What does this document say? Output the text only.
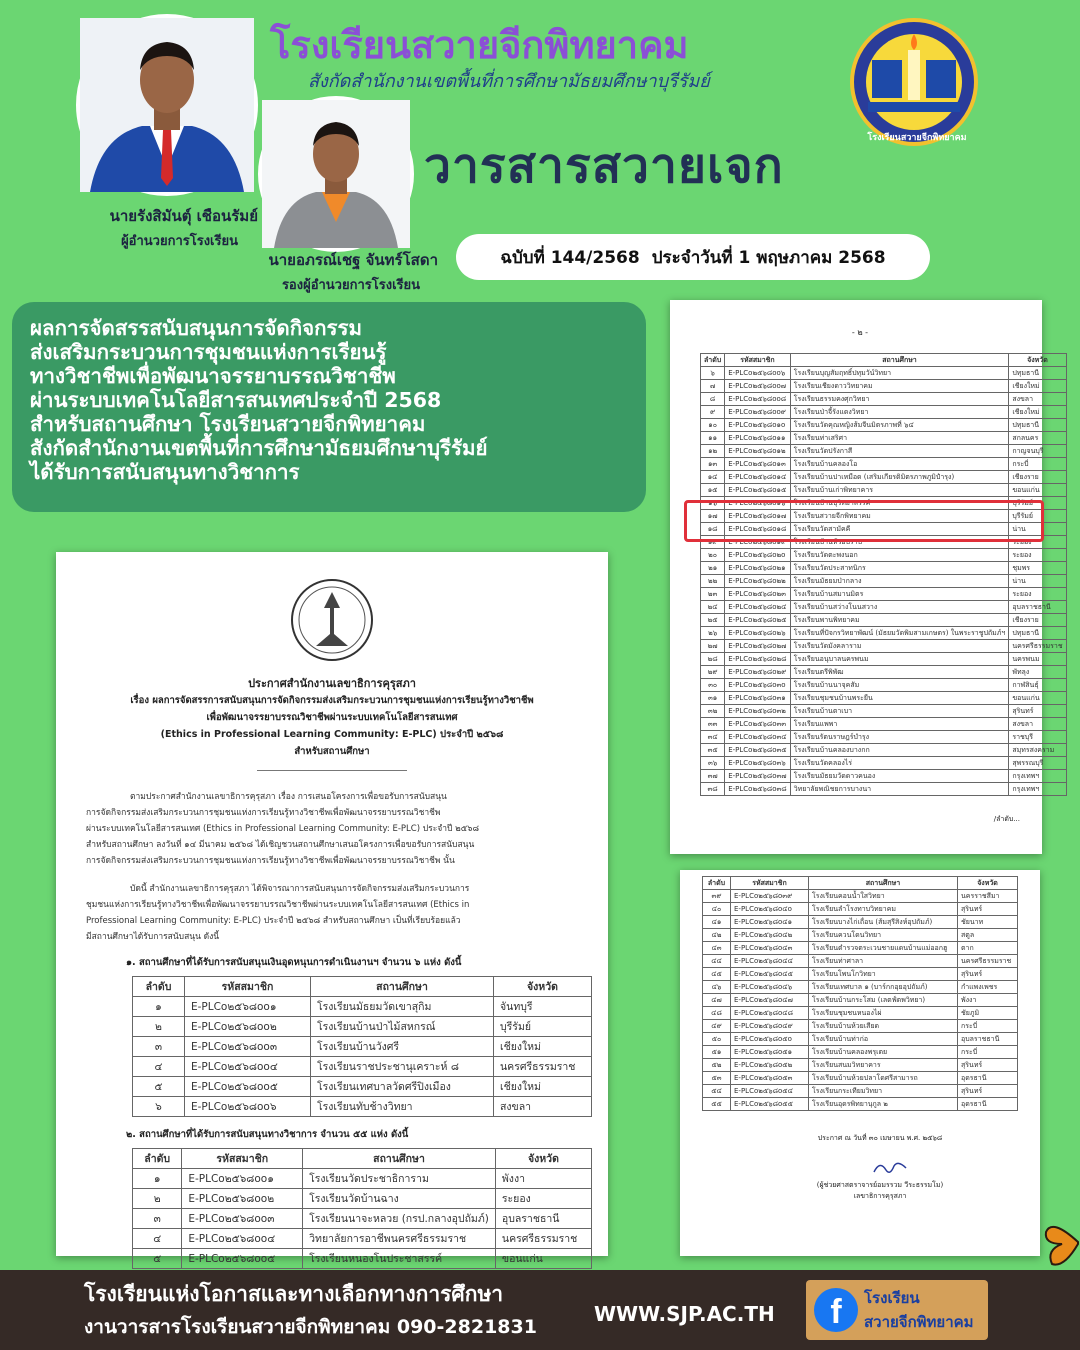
นายรังสิมันต์ุ เชือนรัมย์
ผู้อำนวยการโรงเรียน
นายอภรณ์เชฐ จันทร์โสดา
รองผู้อำนวยการโรงเรียน
โรงเรียนสวายจีกพิทยาคม
สังกัดสำนักงานเขตพื้นที่การศึกษามัธยมศึกษาบุรีรัมย์
วารสารสวายเจก	โรงเรียนสวายจีกพิทยาคม
ฉบับที่ 144/2568 ประจำวันที่ 1 พฤษภาคม 2568
ผลการจัดสรรสนับสนุนการจัดกิจกรรม
ส่งเสริมกระบวนการชุมชนแห่งการเรียนรู้
ทางวิชาชีพเพื่อพัฒนาจรรยาบรรณวิชาชีพ
ผ่านระบบเทคโนโลยีสารสนเทศประจำปี 2568
สำหรับสถานศึกษา โรงเรียนสวายจีกพิทยาคม
สังกัดสำนักงานเขตพื้นที่การศึกษามัธยมศึกษาบุรีรัมย์
ได้รับการสนับสนุนทางวิชาการ
ประกาศสำนักงานเลขาธิการคุรุสภา
เรื่อง ผลการจัดสรรการสนับสนุนการจัดกิจกรรมส่งเสริมกระบวนการชุมชนแห่งการเรียนรู้ทางวิชาชีพ
เพื่อพัฒนาจรรยาบรรณวิชาชีพผ่านระบบเทคโนโลยีสารสนเทศ
(Ethics in Professional Learning Community: E-PLC) ประจำปี ๒๕๖๘
สำหรับสถานศึกษา
ตามประกาศสำนักงานเลขาธิการคุรุสภา เรื่อง การเสนอโครงการเพื่อขอรับการสนับสนุน
การจัดกิจกรรมส่งเสริมกระบวนการชุมชนแห่งการเรียนรู้ทางวิชาชีพเพื่อพัฒนาจรรยาบรรณวิชาชีพ
ผ่านระบบเทคโนโลยีสารสนเทศ (Ethics in Professional Learning Community: E-PLC) ประจำปี ๒๕๖๘
สำหรับสถานศึกษา ลงวันที่ ๑๔ มีนาคม ๒๕๖๘ ได้เชิญชวนสถานศึกษาเสนอโครงการเพื่อขอรับการสนับสนุน
การจัดกิจกรรมส่งเสริมกระบวนการชุมชนแห่งการเรียนรู้ทางวิชาชีพเพื่อพัฒนาจรรยาบรรณวิชาชีพ นั้น
บัดนี้ สำนักงานเลขาธิการคุรุสภา ได้พิจารณาการสนับสนุนการจัดกิจกรรมส่งเสริมกระบวนการ
ชุมชนแห่งการเรียนรู้ทางวิชาชีพเพื่อพัฒนาจรรยาบรรณวิชาชีพผ่านระบบเทคโนโลยีสารสนเทศ (Ethics in
Professional Learning Community: E-PLC) ประจำปี ๒๕๖๘ สำหรับสถานศึกษา เป็นที่เรียบร้อยแล้ว
มีสถานศึกษาได้รับการสนับสนุน ดังนี้
๑. สถานศึกษาที่ได้รับการสนับสนุนเงินอุดหนุนการดำเนินงานฯ จำนวน ๖ แห่ง ดังนี้
ลำดับ	รหัสสมาชิก	สถานศึกษา	จังหวัด
๑	E-PLCo๒๕๖๘oo๑	โรงเรียนมัธยมวัดเขาสุกิม	จันทบุรี
๒	E-PLCo๒๕๖๘oo๒	โรงเรียนบ้านป่าไม้สหกรณ์	บุรีรัมย์
๓	E-PLCo๒๕๖๘oo๓	โรงเรียนบ้านวังศรี	เชียงใหม่
๔	E-PLCo๒๕๖๘oo๔	โรงเรียนราชประชานุเคราะห์ ๘	นครศรีธรรมราช
๕	E-PLCo๒๕๖๘oo๕	โรงเรียนเทศบาลวัดศรีปิงเมือง	เชียงใหม่
๖	E-PLCo๒๕๖๘oo๖	โรงเรียนทับช้างวิทยา	สงขลา
๒. สถานศึกษาที่ได้รับการสนับสนุนทางวิชาการ จำนวน ๕๕ แห่ง ดังนี้
ลำดับ	รหัสสมาชิก	สถานศึกษา	จังหวัด
๑	E-PLCo๒๕๖๘oo๑	โรงเรียนวัดประชาธิการาม	พังงา
๒	E-PLCo๒๕๖๘oo๒	โรงเรียนวัดบ้านฉาง	ระยอง
๓	E-PLCo๒๕๖๘oo๓	โรงเรียนนาจะหลวย (กรป.กลางอุปถัมภ์)	อุบลราชธานี
๔	E-PLCo๒๕๖๘oo๔	วิทยาลัยการอาชีพนครศรีธรรมราช	นครศรีธรรมราช
๕	E-PLCo๒๕๖๘oo๕	โรงเรียนหนองโนประชาสรรค์	ขอนแก่น
- ๒ -
ลำดับ	รหัสสมาชิก	สถานศึกษา	จังหวัด
๖	E-PLCo๒๕๖๘oo๖	โรงเรียนบุญสัมฤทธิ์ปทุมวัน์วิทยา	ปทุมธานี
๗	E-PLCo๒๕๖๘oo๗	โรงเรียนเชียงดาววิทยาคม	เชียงใหม่
๘	E-PLCo๒๕๖๘oo๘	โรงเรียนธรรมคงศุกวิทยา	สงขลา
๙	E-PLCo๒๕๖๘oo๙	โรงเรียนป่าจี้รังแดงวิทยา	เชียงใหม่
๑๐	E-PLCo๒๕๖๘o๑o	โรงเรียนวัดคุณหญิงส้มจีนมิตรภาพที่ ๖๔	ปทุมธานี
๑๑	E-PLCo๒๕๖๘o๑๑	โรงเรียนท่าเสริศา	สกลนคร
๑๒	E-PLCo๒๕๖๘o๑๒	โรงเรียนวัดปรังกาสี	กาญจนบุรี
๑๓	E-PLCo๒๕๖๘o๑๓	โรงเรียนบ้านคลองโอ	กระบี่
๑๔	E-PLCo๒๕๖๘o๑๔	โรงเรียนบ้านปาเหมือด (เสริมเกียรติมิตรภาพภูมิปำรุง)	เชียงราย
๑๕	E-PLCo๒๕๖๘o๑๕	โรงเรียนบ้านเก่าพิทยาคาร	ขอนแก่น
๑๖	E-PLCo๒๕๖๘o๑๖	โรงเรียนบ้านบุวิทยาสรรค์	บุรีรัมย์
๑๗	E-PLCo๒๕๖๘o๑๗	โรงเรียนสวายจีกพิทยาคม	บุรีรัมย์
๑๘	E-PLCo๒๕๖๘o๑๘	โรงเรียนวัดสามัคคี	น่าน
๑๙	E-PLCo๒๕๖๘o๑๙	โรงเรียนบ้านห้วยปราบ	ระยอง
๒๐	E-PLCo๒๕๖๘o๒o	โรงเรียนวัดตะพงนอก	ระยอง
๒๑	E-PLCo๒๕๖๘o๒๑	โรงเรียนวัดประสาทนิกร	ชุมพร
๒๒	E-PLCo๒๕๖๘o๒๒	โรงเรียนมัธยมป่ากลาง	น่าน
๒๓	E-PLCo๒๕๖๘o๒๓	โรงเรียนบ้านสมานมิตร	ระยอง
๒๔	E-PLCo๒๕๖๘o๒๔	โรงเรียนบ้านสว่างโนนสวาง	อุบลราชธานี
๒๕	E-PLCo๒๕๖๘o๒๕	โรงเรียนพานพิทยาคม	เชียงราย
๒๖	E-PLCo๒๕๖๘o๒๖	โรงเรียนที่ปัจกรวิทยาพัฒน์ (มัธยมวัดพิมสามเกษตร) ในพระราชูปถัมภ์ฯ	ปทุมธานี
๒๗	E-PLCo๒๕๖๘o๒๗	โรงเรียนวัดมังคลาราม	นครศรีธรรมราช
๒๘	E-PLCo๒๕๖๘o๒๘	โรงเรียนอนุบาลนครพนม	นครพนม
๒๙	E-PLCo๒๕๖๘o๒๙	โรงเรียนตรีพิพัฒ	พัทลุง
๓๐	E-PLCo๒๕๖๘o๓o	โรงเรียนบ้านนาจุคสัม	กาฬสินธุ์
๓๑	E-PLCo๒๕๖๘o๓๑	โรงเรียนชุมชนบ้านพระยืน	ขอนแก่น
๓๒	E-PLCo๒๕๖๘o๓๒	โรงเรียนบ้านตาเบา	สุรินทร์
๓๓	E-PLCo๒๕๖๘o๓๓	โรงเรียนแพพา	สงขลา
๓๔	E-PLCo๒๕๖๘o๓๔	โรงเรียนรัตนราษฎร์บำรุง	ราชบุรี
๓๕	E-PLCo๒๕๖๘o๓๕	โรงเรียนบ้านคลองบางกก	สมุทรสงคราม
๓๖	E-PLCo๒๕๖๘o๓๖	โรงเรียนวัดคลองไร่	สุพรรณบุรี
๓๗	E-PLCo๒๕๖๘o๓๗	โรงเรียนมัธยมวัดดาวคนอง	กรุงเทพฯ
๓๘	E-PLCo๒๕๖๘o๓๘	วิทยาลัยพณิชยการบางนา	กรุงเทพฯ
/ลำดับ...
ลำดับ	รหัสสมาชิก	สถานศึกษา	จังหวัด
๓๙	E-PLCo๒๕๖๘o๓๙	โรงเรียนคอนน้ำใสวิทยา	นครราชสีมา
๔๐	E-PLCo๒๕๖๘o๔o	โรงเรียนลำโรงทาบวิทยาคม	สุรินทร์
๔๑	E-PLCo๒๕๖๘o๔๑	โรงเรียนบางไก่เถื่อน (ส้มสุรีสิงห์อุปถัมภ์)	ชัยนาท
๔๒	E-PLCo๒๕๖๘o๔๒	โรงเรียนควนโดนวิทยา	สตูล
๔๓	E-PLCo๒๕๖๘o๔๓	โรงเรียนตำรวจตระเวนชายแดนบ้านแม่ออกฮู	ตาก
๔๔	E-PLCo๒๕๖๘o๔๔	โรงเรียนท่าศาลา	นครศรีธรรมราช
๔๕	E-PLCo๒๕๖๘o๔๕	โรงเรียนโพนโกวิทยา	สุรินทร์
๔๖	E-PLCo๒๕๖๘o๔๖	โรงเรียนเทศบาล ๑ (บาร์กกอุยอุปถัมภ์)	กำแพงเพชร
๔๗	E-PLCo๒๕๖๘o๔๗	โรงเรียนบ้านกระโสม (เลตฟ์ตพวิทยา)	พังงา
๔๘	E-PLCo๒๕๖๘o๔๘	โรงเรียนชุมชนหนองไผ่	ชัยภูมิ
๔๙	E-PLCo๒๕๖๘o๔๙	โรงเรียนบ้านห้วยเสียด	กระบี่
๕๐	E-PLCo๒๕๖๘o๕o	โรงเรียนบ้านท่าก่อ	อุบลราชธานี
๕๑	E-PLCo๒๕๖๘o๕๑	โรงเรียนบ้านคลองพรุเตย	กระบี่
๕๒	E-PLCo๒๕๖๘o๕๒	โรงเรียนสนมวิทยาคาร	สุรินทร์
๕๓	E-PLCo๒๕๖๘o๕๓	โรงเรียนบ้านห้วยปลาโดศรีสามารถ	อุดรธานี
๕๔	E-PLCo๒๕๖๘o๕๔	โรงเรียนกระเทียมวิทยา	สุรินทร์
๕๕	E-PLCo๒๕๖๘o๕๕	โรงเรียนอุดรพิทยานุกูล ๒	อุดรธานี
ประกาศ ณ วันที่ ๓๐ เมษายน พ.ศ. ๒๕๖๘
(ผู้ช่วยศาสตราจารย์อมรรวม วีระธรรมโม)
เลขาธิการคุรุสภา
โรงเรียนแห่งโอกาสและทางเลือกทางการศึกษา
งานวารสารโรงเรียนสวายจีกพิทยาคม 090-2821831
WWW.SJP.AC.TH	f	โรงเรียน
สวายจีกพิทยาคม
